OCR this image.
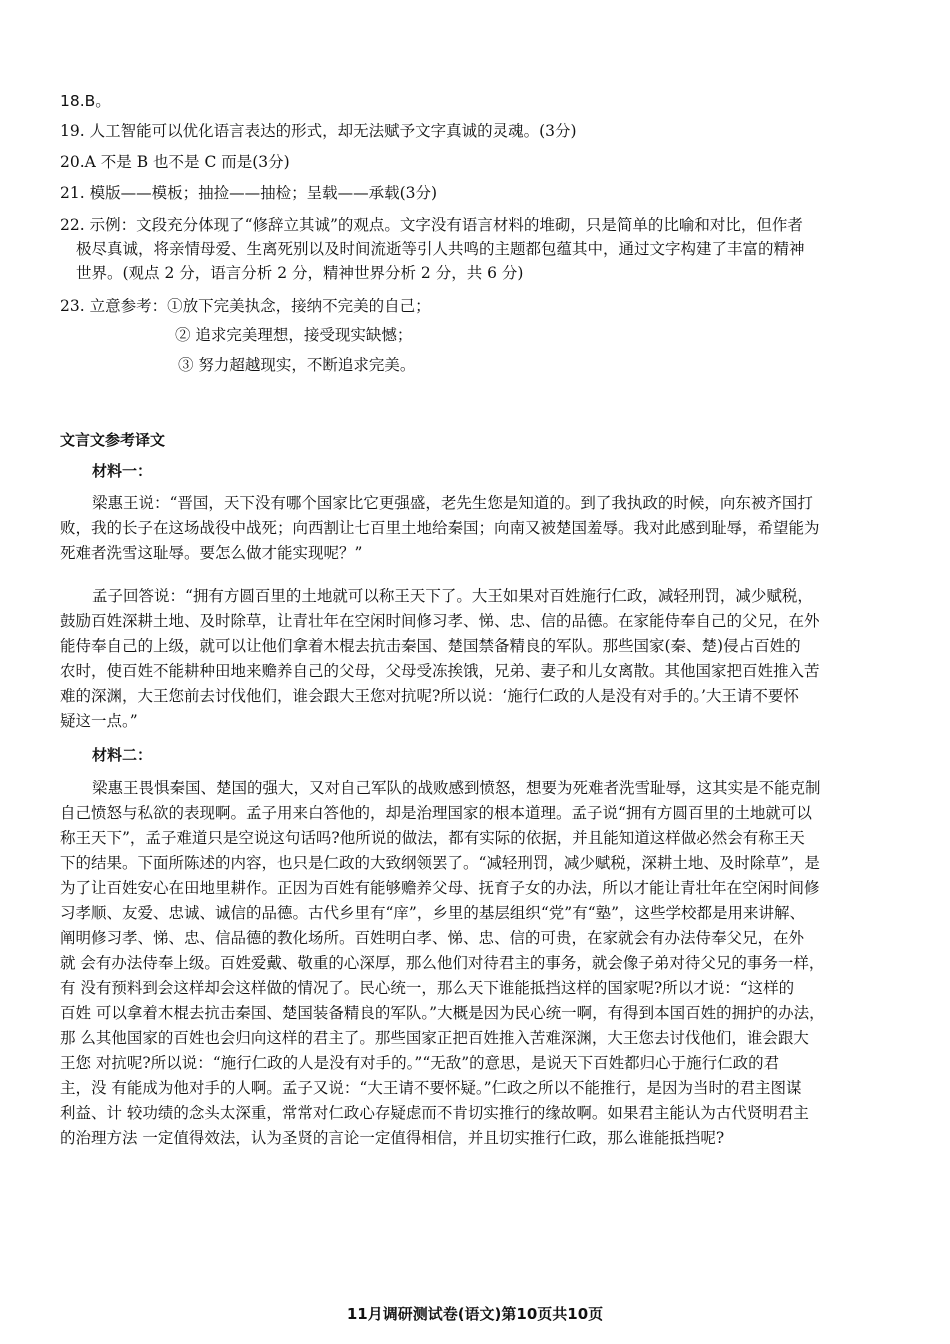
18.B。
19. 人工智能可以优化语言表达的形式，却无法赋予文字真诚的灵魂。(3分)
20.A 不是 B 也不是 C 而是(3分)
21. 模版——模板；抽捡——抽检；呈载——承载(3分)
22. 示例：文段充分体现了“修辞立其诚”的观点。文字没有语言材料的堆砌，只是简单的比喻和对比，但作者
极尽真诚，将亲情母爱、生离死别以及时间流逝等引人共鸣的主题都包蕴其中，通过文字构建了丰富的精神
世界。(观点 2 分，语言分析 2 分，精神世界分析 2 分，共 6 分)
23. 立意参考：①放下完美执念，接纳不完美的自己；
② 追求完美理想，接受现实缺憾；
③ 努力超越现实，不断追求完美。
文言文参考译文
材料一：
梁惠王说：“晋国，天下没有哪个国家比它更强盛，老先生您是知道的。到了我执政的时候，向东被齐国打
败，我的长子在这场战役中战死；向西割让七百里土地给秦国；向南又被楚国羞辱。我对此感到耻辱，希望能为
死难者洗雪这耻辱。要怎么做才能实现呢？”
孟子回答说：“拥有方圆百里的土地就可以称王天下了。大王如果对百姓施行仁政，减轻刑罚，减少赋税，
鼓励百姓深耕土地、及时除草，让青壮年在空闲时间修习孝、悌、忠、信的品德。在家能侍奉自己的父兄，在外
能侍奉自己的上级，就可以让他们拿着木棍去抗击秦国、楚国禁备精良的军队。那些国家(秦、楚)侵占百姓的
农时，使百姓不能耕种田地来赡养自己的父母，父母受冻挨饿，兄弟、妻子和儿女离散。其他国家把百姓推入苦
难的深渊，大王您前去讨伐他们，谁会跟大王您对抗呢?所以说：‘施行仁政的人是没有对手的。’大王请不要怀
疑这一点。”
材料二：
梁惠王畏惧秦国、楚国的强大，又对自己军队的战败感到愤怒，想要为死难者洗雪耻辱，这其实是不能克制
自己愤怒与私欲的表现啊。孟子用来白答他的，却是治理国家的根本道理。孟子说“拥有方圆百里的土地就可以
称王天下”，孟子难道只是空说这句话吗?他所说的做法，都有实际的依据，并且能知道这样做必然会有称王天
下的结果。下面所陈述的内容，也只是仁政的大致纲领罢了。“减轻刑罚，减少赋税，深耕土地、及时除草”，是
为了让百姓安心在田地里耕作。正因为百姓有能够赡养父母、抚育子女的办法，所以才能让青壮年在空闲时间修
习孝顺、友爱、忠诚、诚信的品德。古代乡里有“庠”，乡里的基层组织“党”有“塾”，这些学校都是用来讲解、
阐明修习孝、悌、忠、信品德的教化场所。百姓明白孝、悌、忠、信的可贵，在家就会有办法侍奉父兄，在外
就 会有办法侍奉上级。百姓爱戴、敬重的心深厚，那么他们对待君主的事务，就会像子弟对待父兄的事务一样，
有 没有预料到会这样却会这样做的情况了。民心统一，那么天下谁能抵挡这样的国家呢?所以才说：“这样的
百姓 可以拿着木棍去抗击秦国、楚国装备精良的军队。”大概是因为民心统一啊，有得到本国百姓的拥护的办法，
那 么其他国家的百姓也会归向这样的君主了。那些国家正把百姓推入苦难深渊，大王您去讨伐他们，谁会跟大
王您 对抗呢?所以说：“施行仁政的人是没有对手的。”“无敌”的意思，是说天下百姓都归心于施行仁政的君
主，没 有能成为他对手的人啊。孟子又说：“大王请不要怀疑。”仁政之所以不能推行，是因为当时的君主图谋
利益、计 较功绩的念头太深重，常常对仁政心存疑虑而不肯切实推行的缘故啊。如果君主能认为古代贤明君主
的治理方法 一定值得效法，认为圣贤的言论一定值得相信，并且切实推行仁政，那么谁能抵挡呢?
11月调研测试卷(语文)第10页共10页
